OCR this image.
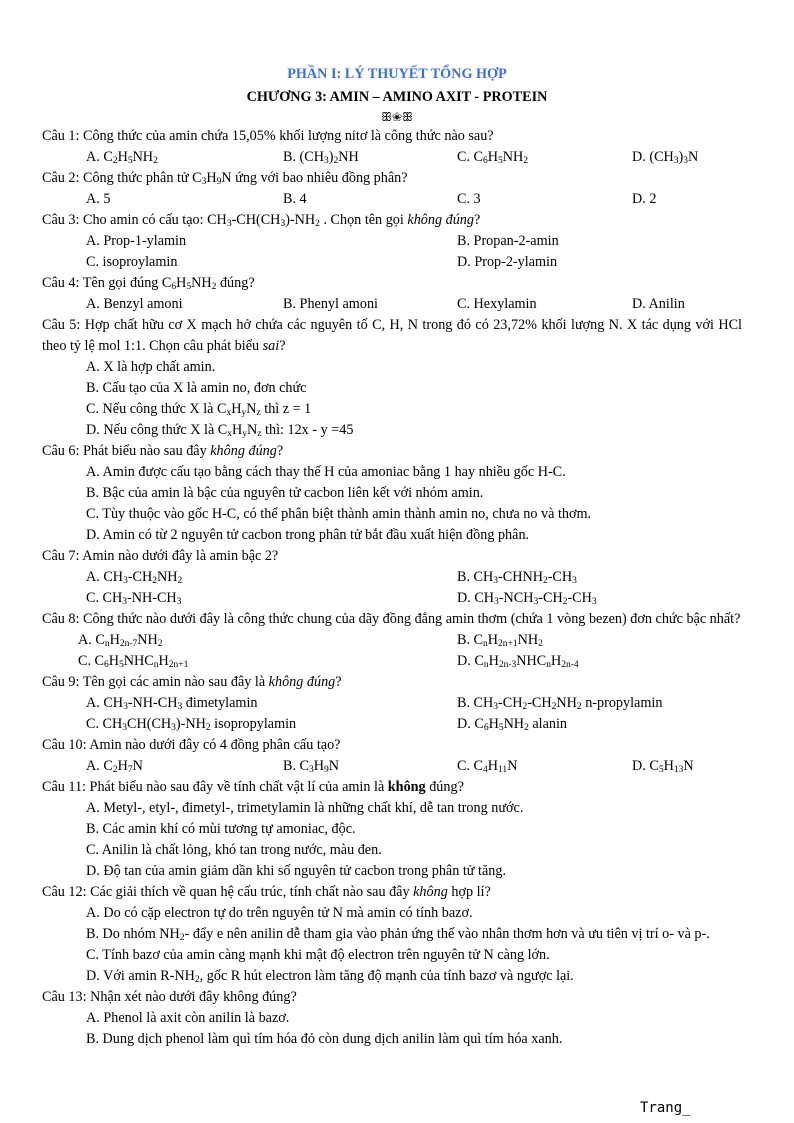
PHẦN I: LÝ THUYẾT TỔNG HỢP
CHƯƠNG 3: AMIN – AMINO AXIT - PROTEIN
ꕥ❀ꕥ

Câu 1: Công thức của amin chứa 15,05% khối lượng nitơ là công thức nào sau?

A. $C_2H_5NH_2$	B. $(CH_3)_2NH$	C. $C_6H_5NH_2$	D. $(CH_3)_3N$

Câu 2: Công thức phân tử $C_3H_9N$ ứng với bao nhiêu đồng phân?

A. 5	B. 4	C. 3	D. 2

Câu 3: Cho amin có cấu tạo: $CH_3-CH(CH_3)-NH_2$ . Chọn tên gọi không đúng?

A. Prop-1-ylamin	B. Propan-2-amin
C. isoproylamin	D. Prop-2-ylamin

Câu 4: Tên gọi đúng $C_6H_5NH_2$ đúng?

A. Benzyl amoni	B. Phenyl amoni	C. Hexylamin	D. Anilin

Câu 5: Hợp chất hữu cơ X mạch hở chứa các nguyên tố C, H, N trong đó có 23,72% khối lượng N. X tác dụng với HCl theo tỷ lệ mol 1:1. Chọn câu phát biểu sai?

A. X là hợp chất amin.

B. Cấu tạo của X là amin no, đơn chức

C. Nếu công thức X là $C_xH_yN_z$ thì z = 1

D. Nếu công thức X là $C_xH_yN_z$ thì: 12x - y =45

Câu 6: Phát biểu nào sau đây không đúng?

A. Amin được cấu tạo bằng cách thay thế H của amoniac bằng 1 hay nhiều gốc H-C.

B. Bậc của amin là bậc của nguyên tử cacbon liên kết với nhóm amin.

C. Tùy thuộc vào gốc H-C, có thể phân biệt thành amin thành amin no, chưa no và thơm.

D. Amin có từ 2 nguyên tử cacbon trong phân tử bắt đầu xuất hiện đồng phân.

Câu 7: Amin nào dưới đây là amin bậc 2?

A. $CH_3-CH_2NH_2$	B. $CH_3-CHNH_2-CH_3$
C. $CH_3-NH-CH_3$	D. $CH_3-NCH_3-CH_2-CH_3$

Câu 8: Công thức nào dưới đây là công thức chung của dãy đồng đẳng amin thơm (chứa 1 vòng bezen) đơn chức bậc nhất?

A. $C_nH_{2n-7}NH_2$	B. $C_nH_{2n+1}NH_2$
C. $C_6H_5NHC_nH_{2n+1}$	D. $C_nH_{2n-3}NHC_nH_{2n-4}$

Câu 9: Tên gọi các amin nào sau đây là không đúng?

A. $CH_3-NH-CH_3$ đimetylamin	B. $CH_3-CH_2-CH_2NH_2$ n-propylamin
C. $CH_3CH(CH_3)-NH_2$ isopropylamin	D. $C_6H_5NH_2$ alanin

Câu 10: Amin nào dưới đây có 4 đồng phân cấu tạo?

A. $C_2H_7N$	B. $C_3H_9N$	C. $C_4H_{11}N$	D. $C_5H_{13}N$

Câu 11: Phát biểu nào sau đây về tính chất vật lí của amin là không đúng?

A. Metyl-, etyl-, đimetyl-, trimetylamin là những chất khí, dễ tan trong nước.

B. Các amin khí có mùi tương tự amoniac, độc.

C. Anilin là chất lỏng, khó tan trong nước, màu đen.

D. Độ tan của amin giảm dần khi số nguyên tử cacbon trong phân tử tăng.

Câu 12: Các giải thích về quan hệ cấu trúc, tính chất nào sau đây không hợp lí?

A. Do có cặp electron tự do trên nguyên tử N mà amin có tính bazơ.

B. Do nhóm $NH_2-$ đẩy e nên anilin dễ tham gia vào phản ứng thế vào nhân thơm hơn và ưu tiên vị trí o- và p-.

C. Tính bazơ của amin càng mạnh khi mật độ electron trên nguyên tử N càng lớn.

D. Với amin $R-NH_2$, gốc R hút electron làm tăng độ mạnh của tính bazơ và ngược lại.

Câu 13: Nhận xét nào dưới đây không đúng?

A. Phenol là axit còn anilin là bazơ.

B. Dung dịch phenol làm quì tím hóa đỏ còn dung dịch anilin làm quì tím hóa xanh.

Trang_
